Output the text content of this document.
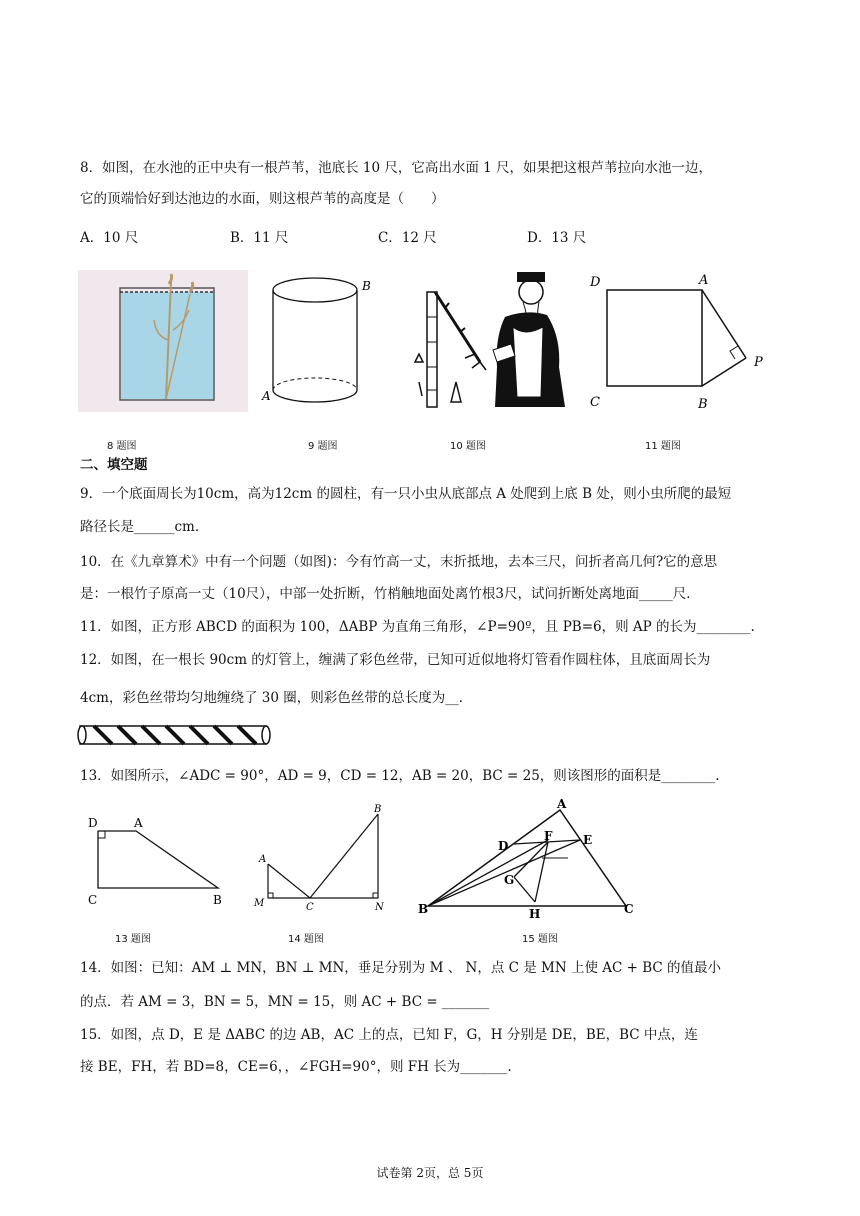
8．如图，在水池的正中央有一根芦苇，池底长 10 尺，它高出水面 1 尺，如果把这根芦苇拉向水池一边，
它的顶端恰好到达池边的水面，则这根芦苇的高度是（　　）
A．10 尺	B．11 尺	C．12 尺	D．13 尺
8 题图
B
A
9 题图	10 题图
D	A
C	B
P
11 题图
二、填空题
9．一个底面周长为10cm，高为12cm 的圆柱，有一只小虫从底部点 A 处爬到上底 B 处，则小虫所爬的最短
路径长是______cm．
10．在《九章算术》中有一个问题（如图)：今有竹高一丈，末折抵地，去本三尺，问折者高几何?它的意思
是：一根竹子原高一丈（10尺），中部一处折断，竹梢触地面处离竹根3尺，试问折断处离地面_____尺．
11．如图，正方形 ABCD 的面积为 100，ΔABP 为直角三角形，∠P=90º，且 PB=6，则 AP 的长为________.
12．如图，在一根长 90cm 的灯管上，缠满了彩色丝带，已知可近似地将灯管看作圆柱体，且底面周长为
4cm，彩色丝带均匀地缠绕了 30 圈，则彩色丝带的总长度为__．
13．如图所示，∠ADC = 90°，AD = 9，CD = 12，AB = 20，BC = 25，则该图形的面积是________.
D	A
C	B
13 题图
A
B
M	C	N
14 题图
A
D	E
F
G
H
B	C
15 题图
14．如图：已知：AM ⊥ MN，BN ⊥ MN，垂足分别为 M 、 N，点 C 是 MN 上使 AC + BC 的值最小
的点．若 AM = 3，BN = 5，MN = 15，则 AC + BC = _______
15．如图，点 D，E 是 ΔABC 的边 AB，AC 上的点，已知 F，G，H 分别是 DE，BE，BC 中点，连
接 BE，FH，若 BD=8，CE=6，，∠FGH=90°，则 FH 长为_______.
试卷第 2页，总 5页
